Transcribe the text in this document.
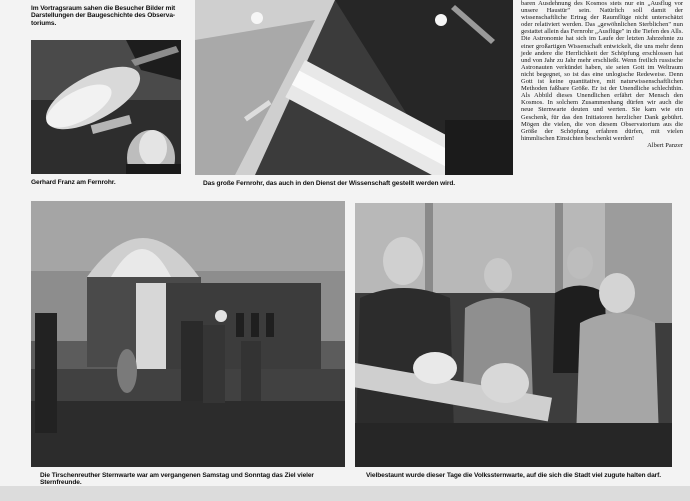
Im Vortragsraum sahen die Besucher Bilder mit Darstellungen der Baugeschichte des Observa-toriums.
Gerhard Franz am Fernrohr.	Das große Fernrohr, das auch in den Dienst der Wissenschaft gestellt werden wird.

baren Ausdehnung des Kosmos stets nur ein „Ausflug vor unsere Haustür" sein. Natürlich soll damit der wissenschaftliche Ertrag der Raumflüge nicht unterschätzt oder relativiert werden. Das „gewöhnlichen Sterblichen" nun gestattet allein das Fernrohr „Ausflüge" in die Tiefen des Alls. Die Astronomie hat sich im Laufe der letzten Jahrzehnte zu einer großartigen Wissenschaft entwickelt, die uns mehr denn jede andere die Herrlichkeit der Schöpfung erschlossen hat und von Jahr zu Jahr mehr erschließt. Wenn freilich russische Astronauten verkündet haben, sie seien Gott im Weltraum nicht begegnet, so ist das eine unlogische Redeweise. Denn Gott ist keine quantitative, mit naturwissenschaftlichen Methoden faßbare Größe. Er ist der Unendliche schlechthin. Als Abbild dieses Unendlichen erfährt der Mensch den Kosmos. In solchem Zusammenhang dürfen wir auch die neue Sternwarte deuten und werten. Sie kam wie ein Geschenk, für das den Initiatoren herzlicher Dank gebührt. Mögen die vielen, die von diesem Observatorium aus die Größe der Schöpfung erfahren dürfen, mit vielen himmlischen Einsichten beschenkt werden!

Albert Panzer

Die Tirschenreuther Sternwarte war am vergangenen Samstag und Sonntag das Ziel vieler Sternfreunde.
Vielbestaunt wurde dieser Tage die Volkssternwarte, auf die sich die Stadt viel zugute halten darf.
